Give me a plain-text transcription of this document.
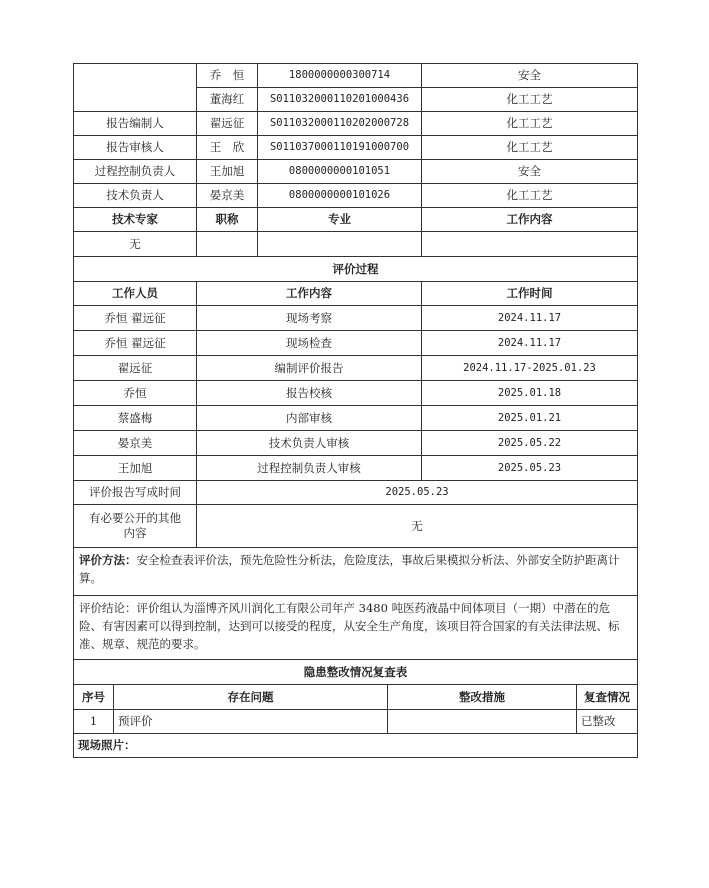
	乔　恒	1800000000300714	安全
	董海红	S011032000110201000436	化工工艺
报告编制人	翟远征	S011032000110202000728	化工工艺
报告审核人	王　欣	S011037000110191000700	化工工艺
过程控制负责人	王加旭	0800000000101051	安全
技术负责人	晏京美	0800000000101026	化工工艺
技术专家	职称	专业	工作内容
无			
评价过程		
工作人员	工作内容	工作时间
乔恒 翟远征	现场考察	2024.11.17
乔恒 翟远征	现场检查	2024.11.17
翟远征	编制评价报告	2024.11.17-2025.01.23
乔恒	报告校核	2025.01.18
蔡盛梅	内部审核	2025.01.21
晏京美	技术负责人审核	2025.05.22
王加旭	过程控制负责人审核	2025.05.23
评价报告写成时间	2025.05.23
有必要公开的其他内容	无
评价方法：安全检查表评价法，预先危险性分析法，危险度法，事故后果模拟分析法、外部安全防护距离计算。	
评价结论：评价组认为淄博齐风川润化工有限公司年产 3480 吨医药液晶中间体项目（一期）中潜在的危险、有害因素可以得到控制，达到可以接受的程度，从安全生产角度，该项目符合国家的有关法律法规、标准、规章、规范的要求。	
隐患整改情况复查表			
序号	存在问题	整改措施	复查情况
1	预评价		已整改
现场照片：			
